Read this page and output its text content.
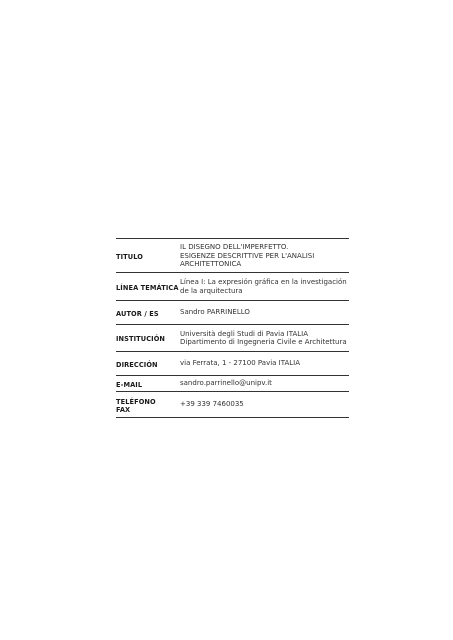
TITULO	IL DISEGNO DELL'IMPERFETTO.
ESIGENZE DESCRITTIVE PER L'ANALISI
ARCHITETTONICA

LÍNEA TEMÁTICA	Línea I: La expresión gráfica en la investigación
de la arquitectura

AUTOR / ES	Sandro PARRINELLO

INSTITUCIÓN	Università degli Studi di Pavia ITALIA
Dipartimento di Ingegneria Civile e Architettura

DIRECCIÓN	via Ferrata, 1 - 27100 Pavia ITALIA

E-MAIL	sandro.parrinello@unipv.it

TELÉFONO
FAX	+39 339 7460035
